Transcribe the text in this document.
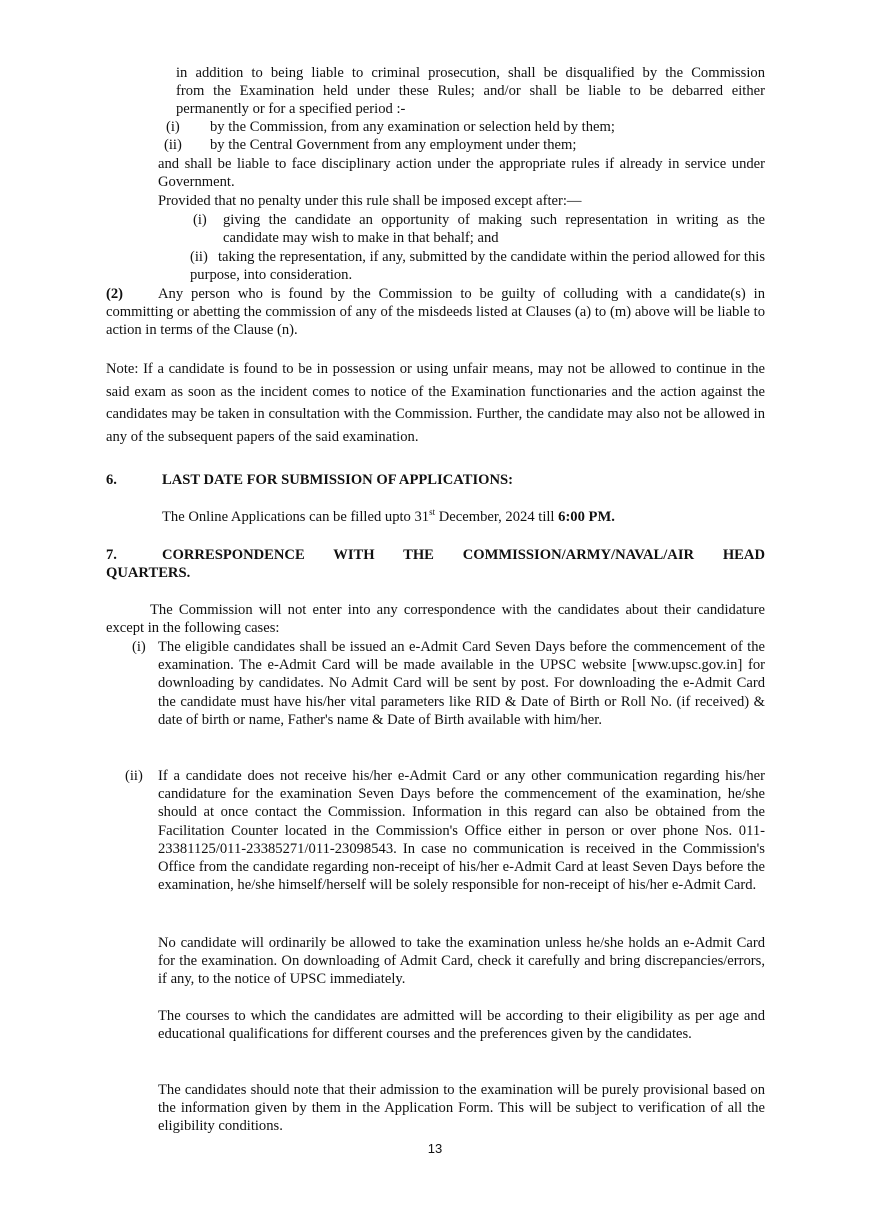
in addition to being liable to criminal prosecution, shall be disqualified by the Commission
from the Examination held under these Rules; and/or shall be liable to be debarred either
permanently or for a specified period :-
(i) by the Commission, from any examination or selection held by them;
(ii) by the Central Government from any employment under them;
and shall be liable to face disciplinary action under the appropriate rules if already in service under Government.
Provided that no penalty under this rule shall be imposed except after:—
(i) giving the candidate an opportunity of making such representation in writing as the candidate may wish to make in that behalf; and
(ii) taking the representation, if any, submitted by the candidate within the period allowed for this purpose, into consideration.
(2)	Any person who is found by the Commission to be guilty of colluding with a candidate(s) in committing or abetting the commission of any of the misdeeds listed at Clauses (a) to (m) above will be liable to action in terms of the Clause (n).
Note: If a candidate is found to be in possession or using unfair means, may not be allowed to continue in the said exam as soon as the incident comes to notice of the Examination functionaries and the action against the candidates may be taken in consultation with the Commission. Further, the candidate may also not be allowed in any of the subsequent papers of the said examination.
6.	LAST DATE FOR SUBMISSION OF APPLICATIONS:
The Online Applications can be filled upto 31st December, 2024 till 6:00 PM.
7.	CORRESPONDENCE WITH THE COMMISSION/ARMY/NAVAL/AIR HEAD
QUARTERS.
The Commission will not enter into any correspondence with the candidates about their candidature except in the following cases:
(i) The eligible candidates shall be issued an e-Admit Card Seven Days before the commencement of the examination. The e-Admit Card will be made available in the UPSC website [www.upsc.gov.in] for downloading by candidates. No Admit Card will be sent by post. For downloading the e-Admit Card the candidate must have his/her vital parameters like RID & Date of Birth or Roll No. (if received) & date of birth or name, Father's name & Date of Birth available with him/her.
(ii) If a candidate does not receive his/her e-Admit Card or any other communication regarding his/her candidature for the examination Seven Days before the commencement of the examination, he/she should at once contact the Commission. Information in this regard can also be obtained from the Facilitation Counter located in the Commission's Office either in person or over phone Nos. 011-23381125/011-23385271/011-23098543. In case no communication is received in the Commission's Office from the candidate regarding non-receipt of his/her e-Admit Card at least Seven Days before the examination, he/she himself/herself will be solely responsible for non-receipt of his/her e-Admit Card.
No candidate will ordinarily be allowed to take the examination unless he/she holds an e-Admit Card for the examination. On downloading of Admit Card, check it carefully and bring discrepancies/errors, if any, to the notice of UPSC immediately.
The courses to which the candidates are admitted will be according to their eligibility as per age and educational qualifications for different courses and the preferences given by the candidates.
The candidates should note that their admission to the examination will be purely provisional based on the information given by them in the Application Form. This will be subject to verification of all the eligibility conditions.
13
